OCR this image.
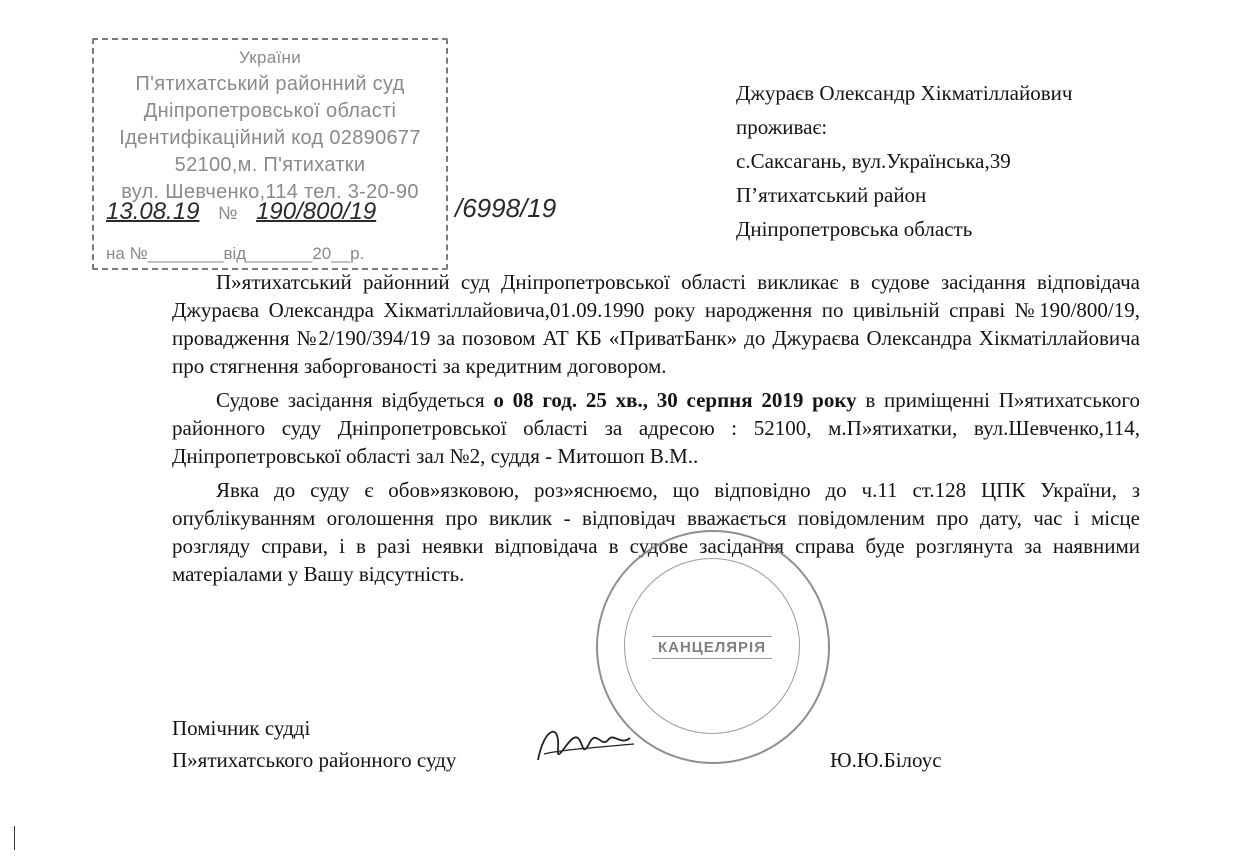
України
П'ятихатський районний суд
Дніпропетровської області
Ідентифікаційний код 02890677
52100,м. П'ятихатки
вул. Шевченко,114 тел. 3-20-90
13.08.19 № 190/800/19
на №________від_______20__р.
/6998/19
Джураєв Олександр Хікматіллайович
проживає:
с.Саксагань, вул.Українська,39
П’ятихатський район
Дніпропетровська область

П»ятихатський районний суд Дніпропетровської області викликає в судове засідання відповідача Джураєва Олександра Хікматіллайовича,01.09.1990 року народження по цивільній справі №190/800/19, провадження №2/190/394/19 за позовом АТ КБ «ПриватБанк» до Джураєва Олександра Хікматіллайовича про стягнення заборгованості за кредитним договором.

Судове засідання відбудеться о 08 год. 25 хв., 30 серпня 2019 року в приміщенні П»ятихатського районного суду Дніпропетровської області за адресою : 52100, м.П»ятихатки, вул.Шевченко,114, Дніпропетровської області зал №2, суддя - Митошоп В.М..

Явка до суду є обов»язковою, роз»яснюємо, що відповідно до ч.11 ст.128 ЦПК України, з опублікуванням оголошення про виклик - відповідач вважається повідомленим про дату, час і місце розгляду справи, і в разі неявки відповідача в судове засідання справа буде розглянута за наявними матеріалами у Вашу відсутність.

КАНЦЕЛЯРІЯ
Помічник судді
П»ятихатського районного суду	Ю.Ю.Білоус
